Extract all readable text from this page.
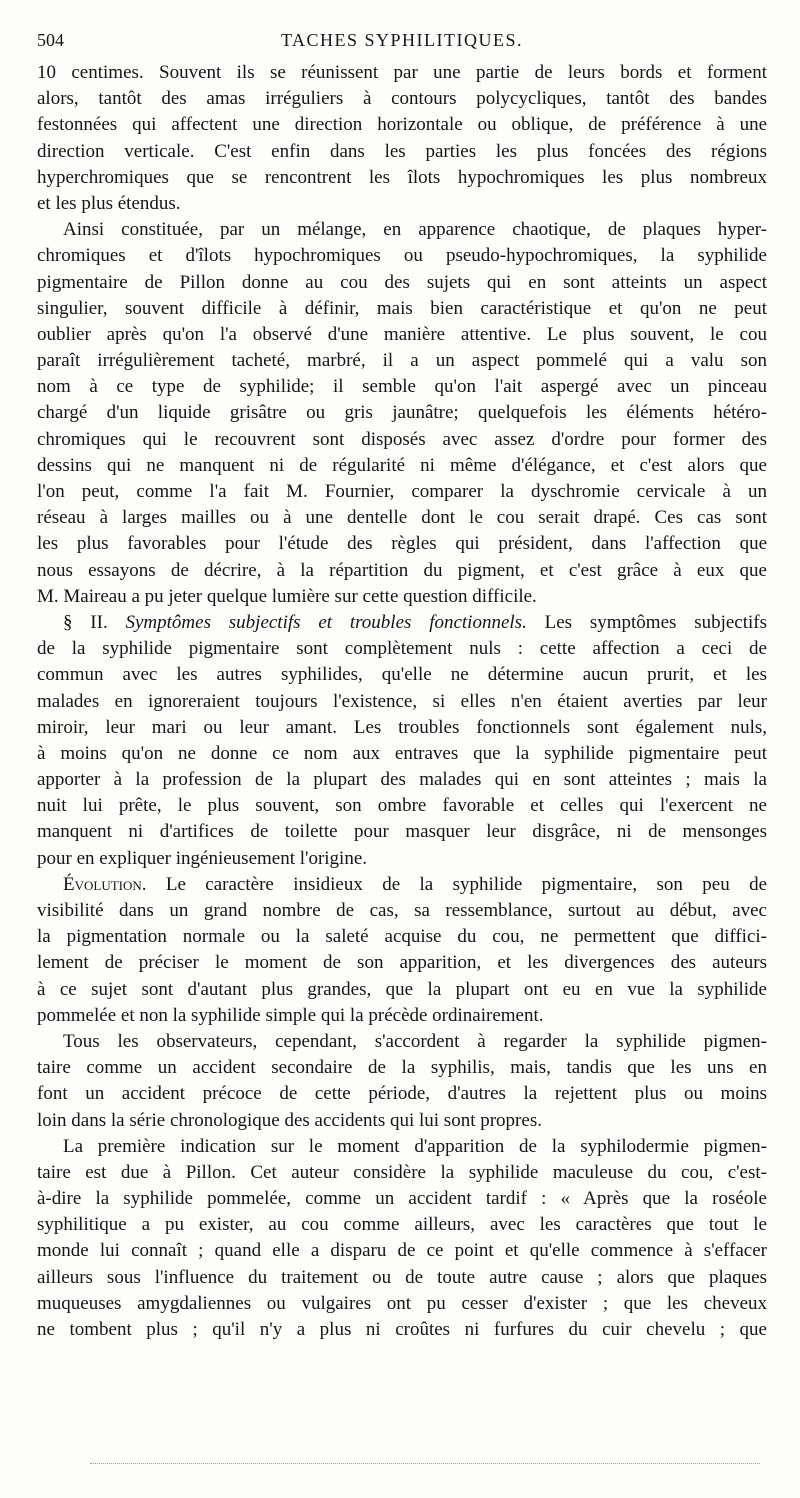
504	TACHES SYPHILITIQUES.
10 centimes. Souvent ils se réunissent par une partie de leurs bords et forment
alors, tantôt des amas irréguliers à contours polycycliques, tantôt des bandes
festonnées qui affectent une direction horizontale ou oblique, de préférence à une
direction verticale. C'est enfin dans les parties les plus foncées des régions
hyperchromiques que se rencontrent les îlots hypochromiques les plus nombreux
et les plus étendus.
Ainsi constituée, par un mélange, en apparence chaotique, de plaques hyper-
chromiques et d'îlots hypochromiques ou pseudo-hypochromiques, la syphilide
pigmentaire de Pillon donne au cou des sujets qui en sont atteints un aspect
singulier, souvent difficile à définir, mais bien caractéristique et qu'on ne peut
oublier après qu'on l'a observé d'une manière attentive. Le plus souvent, le cou
paraît irrégulièrement tacheté, marbré, il a un aspect pommelé qui a valu son
nom à ce type de syphilide; il semble qu'on l'ait aspergé avec un pinceau
chargé d'un liquide grisâtre ou gris jaunâtre; quelquefois les éléments hétéro-
chromiques qui le recouvrent sont disposés avec assez d'ordre pour former des
dessins qui ne manquent ni de régularité ni même d'élégance, et c'est alors que
l'on peut, comme l'a fait M. Fournier, comparer la dyschromie cervicale à un
réseau à larges mailles ou à une dentelle dont le cou serait drapé. Ces cas sont
les plus favorables pour l'étude des règles qui président, dans l'affection que
nous essayons de décrire, à la répartition du pigment, et c'est grâce à eux que
M. Maireau a pu jeter quelque lumière sur cette question difficile.
§ II. Symptômes subjectifs et troubles fonctionnels. Les symptômes subjectifs
de la syphilide pigmentaire sont complètement nuls : cette affection a ceci de
commun avec les autres syphilides, qu'elle ne détermine aucun prurit, et les
malades en ignoreraient toujours l'existence, si elles n'en étaient averties par leur
miroir, leur mari ou leur amant. Les troubles fonctionnels sont également nuls,
à moins qu'on ne donne ce nom aux entraves que la syphilide pigmentaire peut
apporter à la profession de la plupart des malades qui en sont atteintes ; mais la
nuit lui prête, le plus souvent, son ombre favorable et celles qui l'exercent ne
manquent ni d'artifices de toilette pour masquer leur disgrâce, ni de mensonges
pour en expliquer ingénieusement l'origine.
Évolution. Le caractère insidieux de la syphilide pigmentaire, son peu de
visibilité dans un grand nombre de cas, sa ressemblance, surtout au début, avec
la pigmentation normale ou la saleté acquise du cou, ne permettent que diffici-
lement de préciser le moment de son apparition, et les divergences des auteurs
à ce sujet sont d'autant plus grandes, que la plupart ont eu en vue la syphilide
pommelée et non la syphilide simple qui la précède ordinairement.
Tous les observateurs, cependant, s'accordent à regarder la syphilide pigmen-
taire comme un accident secondaire de la syphilis, mais, tandis que les uns en
font un accident précoce de cette période, d'autres la rejettent plus ou moins
loin dans la série chronologique des accidents qui lui sont propres.
La première indication sur le moment d'apparition de la syphilodermie pigmen-
taire est due à Pillon. Cet auteur considère la syphilide maculeuse du cou, c'est-
à-dire la syphilide pommelée, comme un accident tardif : « Après que la roséole
syphilitique a pu exister, au cou comme ailleurs, avec les caractères que tout le
monde lui connaît ; quand elle a disparu de ce point et qu'elle commence à s'effacer
ailleurs sous l'influence du traitement ou de toute autre cause ; alors que plaques
muqueuses amygdaliennes ou vulgaires ont pu cesser d'exister ; que les cheveux
ne tombent plus ; qu'il n'y a plus ni croûtes ni furfures du cuir chevelu ; que
